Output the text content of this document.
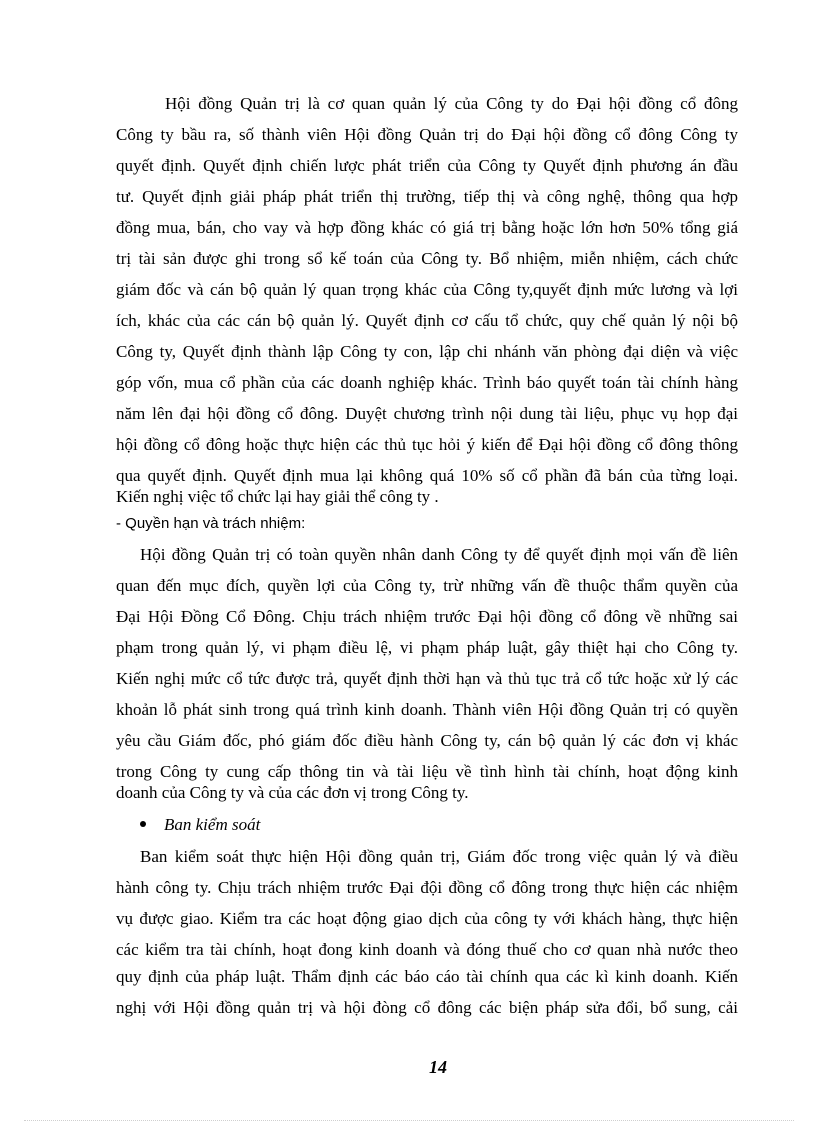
Hội đồng Quản trị là cơ quan quản lý của Công ty do Đại hội đồng cổ đông
Công ty bầu ra, số thành viên Hội đồng Quản trị do Đại hội đồng cổ đông Công ty
quyết định. Quyết định chiến lược phát triển của Công ty Quyết định phương án đầu
tư. Quyết định giải pháp phát triển thị trường, tiếp thị và công nghệ, thông qua hợp
đồng mua, bán, cho vay và hợp đồng khác có giá trị bằng hoặc lớn hơn 50% tổng giá
trị tài sản được ghi trong sổ kế toán của Công ty. Bổ nhiệm, miễn nhiệm, cách chức
giám đốc và cán bộ quản lý quan trọng khác của Công ty,quyết định mức lương và lợi
ích, khác của các cán bộ quản lý. Quyết định cơ cấu tổ chức, quy chế quản lý nội bộ
Công ty, Quyết định thành lập Công ty con, lập chi nhánh văn phòng đại diện và việc
góp vốn, mua cổ phần của các doanh nghiệp khác. Trình báo quyết toán tài chính hàng
năm lên đại hội đồng cổ đông. Duyệt chương trình nội dung tài liệu, phục vụ họp đại
hội đồng cổ đông hoặc thực hiện các thủ tục hỏi ý kiến để Đại hội đồng cổ đông thông
qua quyết định. Quyết định mua lại không quá 10% số cổ phần đã bán của từng loại.
Kiến nghị việc tổ chức lại hay giải thể công ty .
- Quyền hạn và trách nhiệm:
Hội đồng Quản trị có toàn quyền nhân danh Công ty để quyết định mọi vấn đề liên
quan đến mục đích, quyền lợi của Công ty, trừ những vấn đề thuộc thẩm quyền của
Đại Hội Đồng Cổ Đông. Chịu trách nhiệm trước Đại hội đồng cổ đông về những sai
phạm trong quản lý, vi phạm điều lệ, vi phạm pháp luật, gây thiệt hại cho Công ty.
Kiến nghị mức cổ tức được trả, quyết định thời hạn và thủ tục trả cổ tức hoặc xử lý các
khoản lỗ phát sinh trong quá trình kinh doanh. Thành viên Hội đồng Quản trị có quyền
yêu cầu Giám đốc, phó giám đốc điều hành Công ty, cán bộ quản lý các đơn vị khác
trong Công ty cung cấp thông tin và tài liệu về tình hình tài chính, hoạt động kinh
doanh của Công ty và của các đơn vị trong Công ty.
Ban kiểm soát
Ban kiểm soát thực hiện Hội đồng quản trị, Giám đốc trong việc quản lý và điều
hành công ty. Chịu trách nhiệm trước Đại đội đồng cổ đông trong thực hiện các nhiệm
vụ được giao. Kiểm tra các hoạt động giao dịch của công ty với khách hàng, thực hiện
các kiểm tra tài chính, hoạt đong kinh doanh và đóng thuế cho cơ quan nhà nước theo
quy định của pháp luật. Thẩm định các báo cáo tài chính qua các kì kinh doanh. Kiến
nghị với Hội đồng quản trị và hội đòng cổ đông các biện pháp sửa đổi, bổ sung, cải
14
